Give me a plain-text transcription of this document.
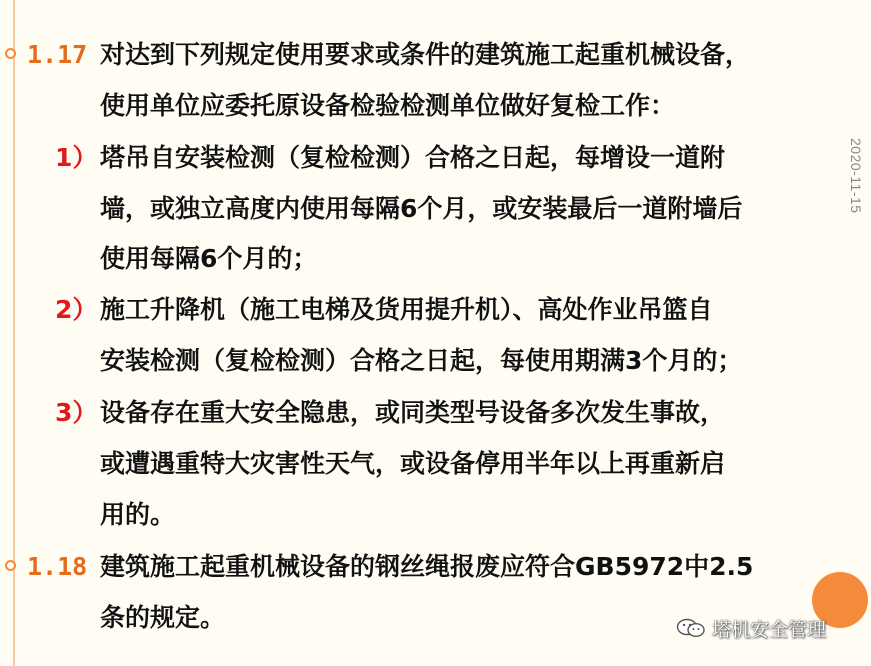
1.17 对达到下列规定使用要求或条件的建筑施工起重机械设备，
使用单位应委托原设备检验检测单位做好复检工作：
1） 塔吊自安装检测（复检检测）合格之日起，每增设一道附
墙，或独立高度内使用每隔6个月，或安装最后一道附墙后
使用每隔6个月的；
2） 施工升降机（施工电梯及货用提升机）、高处作业吊篮自
安装检测（复检检测）合格之日起，每使用期满3个月的；
3） 设备存在重大安全隐患，或同类型号设备多次发生事故，
或遭遇重特大灾害性天气，或设备停用半年以上再重新启
用的。
1.18 建筑施工起重机械设备的钢丝绳报废应符合GB5972中2.5
条的规定。
2020-11-15
塔机安全管理
